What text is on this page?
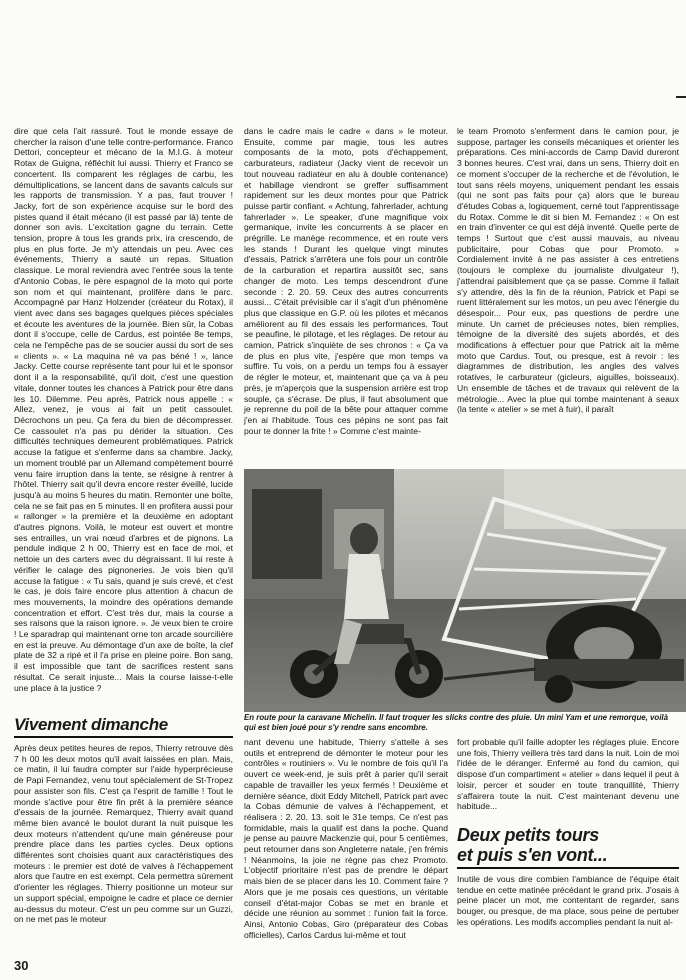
dire que cela l'ait rassuré. Tout le monde essaye de chercher la raison d'une telle contre-performance. Franco Dettori, concepteur et mécano de la M.I.G. à moteur Rotax de Guigna, réfléchit lui aussi. Thierry et Franco se concertent. Ils comparent les réglages de carbu, les démultiplications, se lancent dans de savants calculs sur les rapports de transmission. Y a pas, faut trouver ! Jacky, fort de son expérience acquise sur le bord des pistes quand il était mécano (il est passé par là) tente de donner son avis. L'excitation gagne du terrain. Cette tension, propre à tous les grands prix, ira crescendo, de plus en plus forte. Je m'y attendais un peu. Avec ces événements, Thierry a sauté un repas. Situation classique. Le moral reviendra avec l'entrée sous la tente d'Antonio Cobas, le père espagnol de la moto qui porte son nom et qui maintenant, prolifère dans le parc. Accompagné par Hanz Holzender (créateur du Rotax), il vient avec dans ses bagages quelques pièces spéciales et écoute les aventures de la journée. Bien sûr, la Cobas dont il s'occupe, celle de Cardus, est pointée 8e temps, cela ne l'empêche pas de se soucier aussi du sort de ses « clients ». « La maquina né va pas béné ! », lance Jacky. Cette course représente tant pour lui et le sponsor dont il a la responsabilité, qu'il doit, c'est une question vitale, donner toutes les chances à Patrick pour être dans les 10. Dilemme. Peu après, Patrick nous appelle : « Allez, venez, je vous ai fait un petit cassoulet. Décrochons un peu. Ça fera du bien de décompresser. Ce cassoulet n'a pas pu dérider la situation. Ces difficultés techniques demeurent problématiques. Patrick accuse la fatigue et s'enferme dans sa chambre. Jacky, un moment troublé par un Allemand compètement bourré venu faire irruption dans la tente, se résigne à rentrer à l'hôtel. Thierry sait qu'il devra encore rester éveillé, lucide jusqu'à au moins 5 heures du matin. Remonter une boîte, cela ne se fait pas en 5 minutes. Il en profitera aussi pour « rallonger » la première et la deuxième en adoptant d'autres pignons. Voilà, le moteur est ouvert et montre ses entrailles, un vrai nœud d'arbres et de pignons. La pendule indique 2 h 00, Thierry est en face de moi, et nettoie un des carters avec du dégraissant. Il lui reste à vérifier le calage des pignoneries. Je vois bien qu'il accuse la fatigue : « Tu sais, quand je suis crevé, et c'est le cas, je dois faire encore plus attention à chacun de mes mouvements, la moindre des opérations demande concentration et effort. C'est très dur, mais la course a ses raisons que la raison ignore. ». Je veux bien te croire ! Le sparadrap qui maintenant orne ton arcade sourcilière en est la preuve. Au démontage d'un axe de boîte, la clef plate de 32 a ripé et il l'a prise en pleine poire. Bon sang, il est impossible que tant de sacrifices restent sans résultat. Ce serait injuste... Mais la course laisse-t-elle une place à la justice ?

dans le cadre mais le cadre « dans » le moteur. Ensuite, comme par magie, tous les autres composants de la moto, pots d'échappement, carburateurs, radiateur (Jacky vient de recevoir un tout nouveau radiateur en alu à double contenance) et habillage viendront se greffer suffisamment rapidement sur les deux montes pour que Patrick puisse partir confiant. « Achtung, fahrerlader, achtung fahrerlader ». Le speaker, d'une magnifique voix germanique, invite les concurrents à se placer en prégrille. Le manège recommence, et en route vers les stands ! Durant les quelque vingt minutes d'essais, Patrick s'arrêtera une fois pour un contrôle de la carburation et repartira aussitôt sec, sans changer de moto. Les temps descendront d'une seconde : 2. 20. 59. Ceux des autres concurrents aussi... C'était prévisible car il s'agit d'un phénomène plus que classique en G.P. où les pilotes et mécanos améliorent au fil des essais les performances. Tout se peaufine, le pilotage, et les réglages. De retour au camion, Patrick s'inquiète de ses chronos : « Ça va de plus en plus vite, j'espère que mon temps va suffire. Tu vois, on a perdu un temps fou à essayer de régler le moteur, et, maintenant que ça va à peu près, je m'aperçois que la suspension arrière est trop souple, ça s'écrase. De plus, il faut absolument que je reprenne du poil de la bête pour attaquer comme j'en ai l'habitude. Tous ces pépins ne sont pas fait pour te donner la frite ! » Comme c'est mainte-

le team Promoto s'enferment dans le camion pour, je suppose, partager les conseils mécaniques et orienter les préparations. Ces mini-accords de Camp David dureront 3 bonnes heures. C'est vrai, dans un sens, Thierry doit en ce moment s'occuper de la recherche et de l'évolution, le tout sans réels moyens, uniquement pendant les essais (qui ne sont pas faits pour ça) alors que le bureau d'études Cobas a, logiquement, cerné tout l'apprentissage du Rotax. Comme le dit si bien M. Fernandez : « On est en train d'inventer ce qui est déjà inventé. Quelle perte de temps ! Surtout que c'est aussi mauvais, au niveau publicitaire, pour Cobas que pour Promoto. » Cordialement invité à ne pas assister à ces entretiens (toujours le complexe du journaliste divulgateur !), j'attendrai paisiblement que ça se passe. Comme il fallait s'y attendre, dès la fin de la réunion, Patrick et Papi se ruent littéralement sur les motos, un peu avec l'énergie du désespoir... Pour eux, pas questions de perdre une minute. Un carnet de précieuses notes, bien remplies, témoigne de la diversité des sujets abordés, et des modifications à effectuer pour que Patrick ait la même moto que Cardus. Tout, ou presque, est à revoir : les diagrammes de distribution, les angles des valves rotatives, le carburateur (gicleurs, aiguilles, boisseaux). Un ensemble de tâches et de travaux qui relèvent de la métrologie... Avec la plue qui tombe maintenant à seaux (la tente « atelier » se met à fuir), il paraît

En route pour la caravane Michelin. Il faut troquer les slicks contre des pluie. Un mini Yam et une remorque, voilà qui est bien joué pour s'y rendre sans encombre.
Vivement dimanche

Après deux petites heures de repos, Thierry retrouve dès 7 h 00 les deux motos qu'il avait laissées en plan. Mais, ce matin, il lui faudra compter sur l'aide hyperprécieuse de Papi Fernandez, venu tout spécialement de St-Tropez pour assister son fils. C'est ça l'esprit de famille ! Tout le monde s'active pour être fin prêt à la première séance d'essais de la journée. Remarquez, Thierry avait quand même bien avancé le boulot durant la nuit puisque les deux moteurs n'attendent qu'une main généreuse pour prendre place dans les parties cycles. Deux options différentes sont choisies quant aux caractéristiques des moteurs : le premier est doté de valves à l'échappement alors que l'autre en est exempt. Cela permettra sûrement d'orienter les réglages. Thierry positionne un moteur sur un support spécial, empoigne le cadre et place ce dernier au-dessus du moteur. C'est un peu comme sur un Guzzi, on ne met pas le moteur

nant devenu une habitude, Thierry s'attelle à ses outils et entreprend de démonter le moteur pour les contrôles « routiniers ». Vu le nombre de fois qu'il l'a ouvert ce week-end, je suis prêt à parier qu'il serait capable de travailler les yeux fermés ! Deuxième et dernière séance, dixit Eddy Mitchell, Patrick part avec la Cobas démunie de valves à l'échappement, et réalisera : 2. 20. 13. soit le 31e temps. Ce n'est pas formidable, mais la qualif est dans la poche. Quand je pense au pauvre Mackenzie qui, pour 5 centièmes, peut retourner dans son Angleterre natale, j'en frémis ! Néanmoins, la joie ne règne pas chez Promoto. L'objectif prioritaire n'est pas de prendre le départ mais bien de se placer dans les 10. Comment faire ? Alors que je me posais ces questions, un véritable conseil d'état-major Cobas se met en branle et décide une réunion au sommet : l'union fait la force. Ainsi, Antonio Cobas, Giro (préparateur des Cobas officielles), Carlos Cardus lui-même et tout

fort probable qu'il faille adopter les réglages pluie. Encore une fois, Thierry veillera très tard dans la nuit. Loin de moi l'idée de le déranger. Enfermé au fond du camion, qui dispose d'un compartiment « atelier » dans lequel il peut à loisir, percer et souder en toute tranquillité, Thierry s'affairera toute la nuit. C'est maintenant devenu une habitude...

Deux petits tours
et puis s'en vont...

Inutile de vous dire combien l'ambiance de l'équipe était tendue en cette matinée précédant le grand prix. J'osais à peine placer un mot, me contentant de regarder, sans bouger, ou presque, de ma place, sous peine de pertuber les opérations. Les modifs accomplies pendant la nuit al-

30
